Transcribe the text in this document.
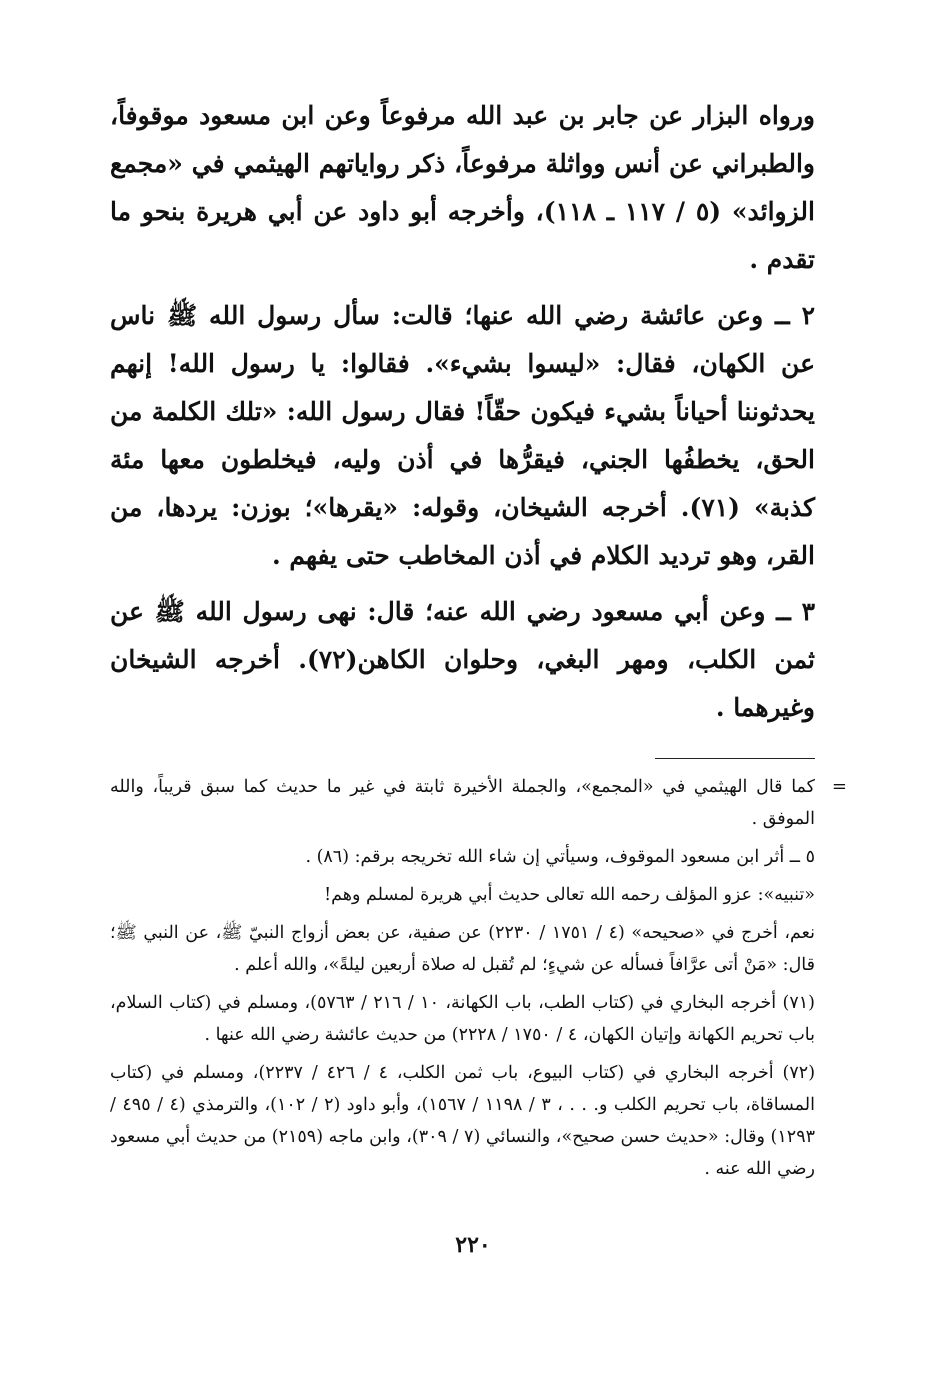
ورواه البزار عن جابر بن عبد الله مرفوعاً وعن ابن مسعود موقوفاً، والطبراني عن أنس وواثلة مرفوعاً، ذكر رواياتهم الهيثمي في «مجمع الزوائد» (٥ / ١١٧ ـ ١١٨)، وأخرجه أبو داود عن أبي هريرة بنحو ما تقدم .

٢ ــ وعن عائشة رضي الله عنها؛ قالت: سأل رسول الله ﷺ ناس عن الكهان، فقال: «ليسوا بشيء». فقالوا: يا رسول الله! إنهم يحدثوننا أحياناً بشيء فيكون حقّاً! فقال رسول الله: «تلك الكلمة من الحق، يخطفُها الجني، فيقرُّها في أذن وليه، فيخلطون معها مئة كذبة» (٧١). أخرجه الشيخان، وقوله: «يقرها»؛ بوزن: يردها، من القر، وهو ترديد الكلام في أذن المخاطب حتى يفهم .

٣ ــ وعن أبي مسعود رضي الله عنه؛ قال: نهى رسول الله ﷺ عن ثمن الكلب، ومهر البغي، وحلوان الكاهن(٧٢). أخرجه الشيخان وغيرهما .

=
كما قال الهيثمي في «المجمع»، والجملة الأخيرة ثابتة في غير ما حديث كما سبق قريباً، والله الموفق .

٥ ــ أثر ابن مسعود الموقوف، وسيأتي إن شاء الله تخريجه برقم: (٨٦) .

«تنبيه»: عزو المؤلف رحمه الله تعالى حديث أبي هريرة لمسلم وهم!

نعم، أخرج في «صحيحه» (٤ / ١٧٥١ / ٢٢٣٠) عن صفية، عن بعض أزواج النبيّ ﷺ، عن النبي ﷺ؛ قال: «مَنْ أتى عرَّافاً فسأله عن شيءٍ؛ لم تُقبل له صلاة أربعين ليلةً»، والله أعلم .

(٧١) أخرجه البخاري في (كتاب الطب، باب الكهانة، ١٠ / ٢١٦ / ٥٧٦٣)، ومسلم في (كتاب السلام، باب تحريم الكهانة وإتيان الكهان، ٤ / ١٧٥٠ / ٢٢٢٨) من حديث عائشة رضي الله عنها .

(٧٢) أخرجه البخاري في (كتاب البيوع، باب ثمن الكلب، ٤ / ٤٢٦ / ٢٢٣٧)، ومسلم في (كتاب المساقاة، باب تحريم الكلب و. . . ، ٣ / ١١٩٨ / ١٥٦٧)، وأبو داود (٢ / ١٠٢)، والترمذي (٤ / ٤٩٥ / ١٢٩٣) وقال: «حديث حسن صحيح»، والنسائي (٧ / ٣٠٩)، وابن ماجه (٢١٥٩) من حديث أبي مسعود رضي الله عنه .

٢٢٠
